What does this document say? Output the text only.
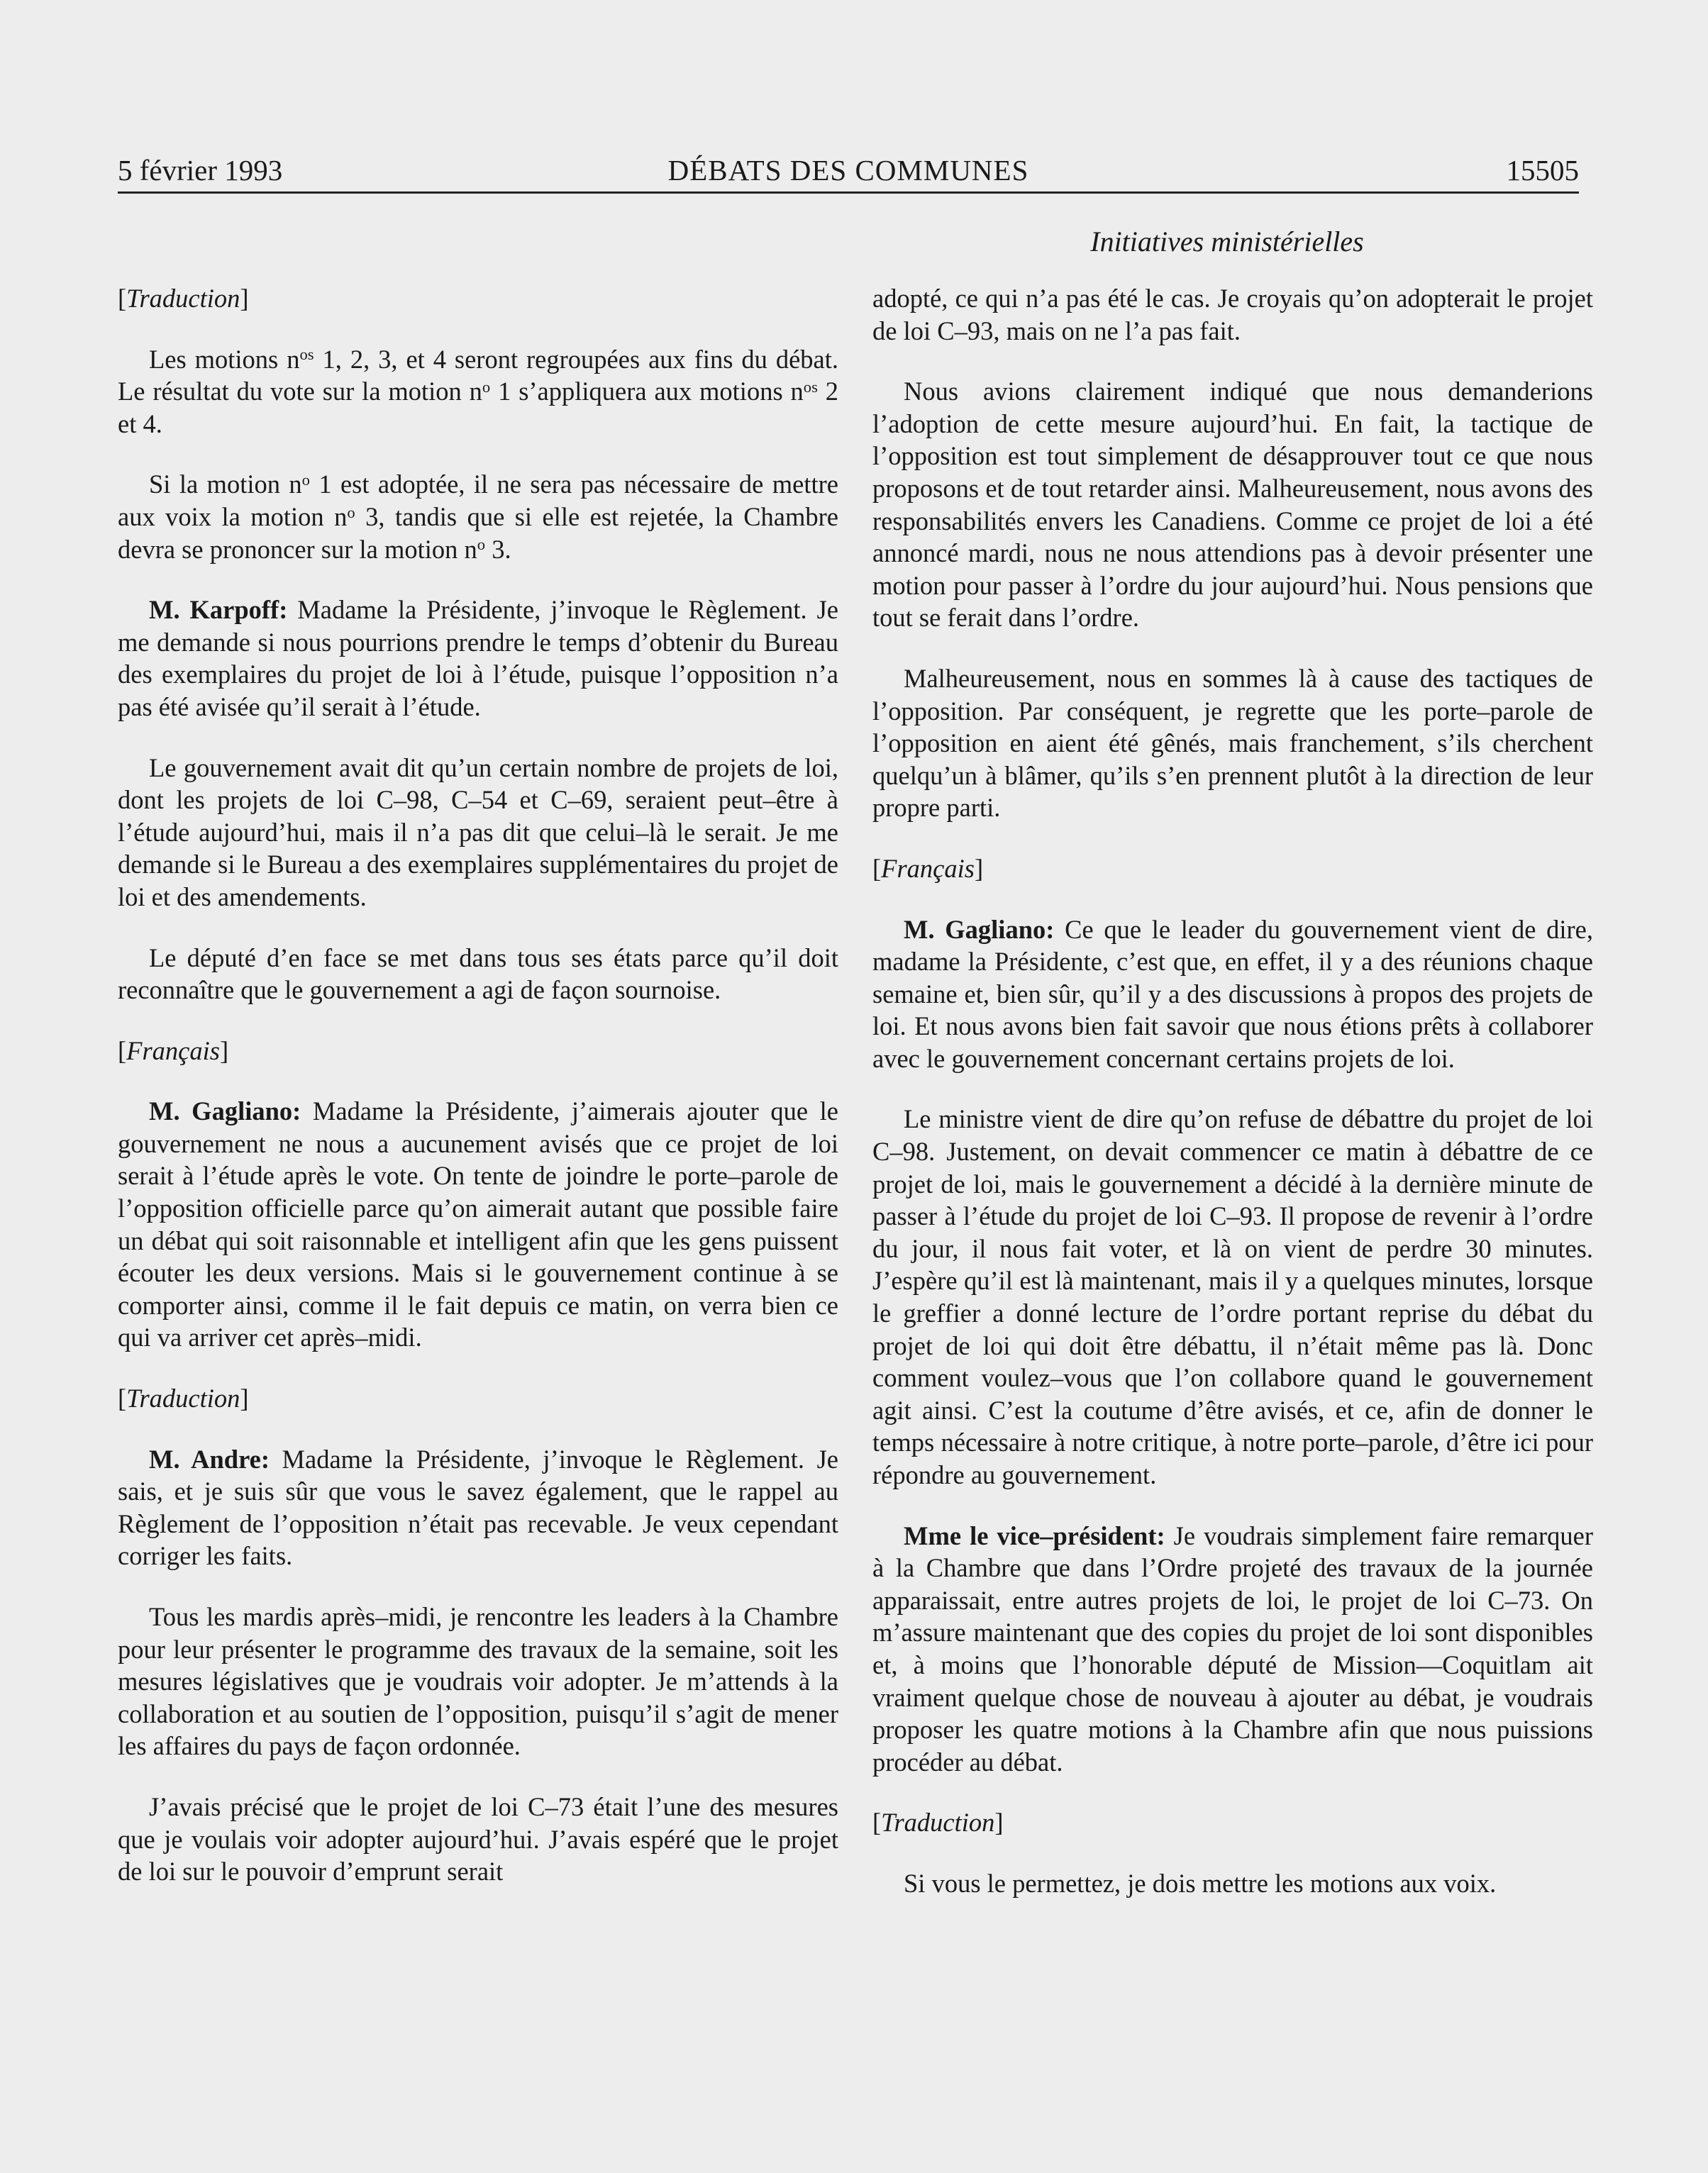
5 février 1993	DÉBATS DES COMMUNES	15505
Initiatives ministérielles

[Traduction]

Les motions $n^{os}$ 1, 2, 3, et 4 seront regroupées aux fins du débat. Le résultat du vote sur la motion $n^o$ 1 s’appliquera aux motions $n^{os}$ 2 et 4.

Si la motion $n^o$ 1 est adoptée, il ne sera pas nécessaire de mettre aux voix la motion $n^o$ 3, tandis que si elle est rejetée, la Chambre devra se prononcer sur la motion $n^o$ 3.

M. Karpoff: Madame la Présidente, j’invoque le Règlement. Je me demande si nous pourrions prendre le temps d’obtenir du Bureau des exemplaires du projet de loi à l’étude, puisque l’opposition n’a pas été avisée qu’il serait à l’étude.

Le gouvernement avait dit qu’un certain nombre de projets de loi, dont les projets de loi C–98, C–54 et C–69, seraient peut–être à l’étude aujourd’hui, mais il n’a pas dit que celui–là le serait. Je me demande si le Bureau a des exemplaires supplémentaires du projet de loi et des amendements.

Le député d’en face se met dans tous ses états parce qu’il doit reconnaître que le gouvernement a agi de façon sournoise.

[Français]

M. Gagliano: Madame la Présidente, j’aimerais ajouter que le gouvernement ne nous a aucunement avisés que ce projet de loi serait à l’étude après le vote. On tente de joindre le porte–parole de l’opposition officielle parce qu’on aimerait autant que possible faire un débat qui soit raisonnable et intelligent afin que les gens puissent écouter les deux versions. Mais si le gouvernement continue à se comporter ainsi, comme il le fait depuis ce matin, on verra bien ce qui va arriver cet après–midi.

[Traduction]

M. Andre: Madame la Présidente, j’invoque le Règlement. Je sais, et je suis sûr que vous le savez également, que le rappel au Règlement de l’opposition n’était pas recevable. Je veux cependant corriger les faits.

Tous les mardis après–midi, je rencontre les leaders à la Chambre pour leur présenter le programme des travaux de la semaine, soit les mesures législatives que je voudrais voir adopter. Je m’attends à la collaboration et au soutien de l’opposition, puisqu’il s’agit de mener les affaires du pays de façon ordonnée.

J’avais précisé que le projet de loi C–73 était l’une des mesures que je voulais voir adopter aujourd’hui. J’avais espéré que le projet de loi sur le pouvoir d’emprunt serait

adopté, ce qui n’a pas été le cas. Je croyais qu’on adopterait le projet de loi C–93, mais on ne l’a pas fait.

Nous avions clairement indiqué que nous demanderions l’adoption de cette mesure aujourd’hui. En fait, la tactique de l’opposition est tout simplement de désapprouver tout ce que nous proposons et de tout retarder ainsi. Malheureusement, nous avons des responsabilités envers les Canadiens. Comme ce projet de loi a été annoncé mardi, nous ne nous attendions pas à devoir présenter une motion pour passer à l’ordre du jour aujourd’hui. Nous pensions que tout se ferait dans l’ordre.

Malheureusement, nous en sommes là à cause des tactiques de l’opposition. Par conséquent, je regrette que les porte–parole de l’opposition en aient été gênés, mais franchement, s’ils cherchent quelqu’un à blâmer, qu’ils s’en prennent plutôt à la direction de leur propre parti.

[Français]

M. Gagliano: Ce que le leader du gouvernement vient de dire, madame la Présidente, c’est que, en effet, il y a des réunions chaque semaine et, bien sûr, qu’il y a des discussions à propos des projets de loi. Et nous avons bien fait savoir que nous étions prêts à collaborer avec le gouvernement concernant certains projets de loi.

Le ministre vient de dire qu’on refuse de débattre du projet de loi C–98. Justement, on devait commencer ce matin à débattre de ce projet de loi, mais le gouvernement a décidé à la dernière minute de passer à l’étude du projet de loi C–93. Il propose de revenir à l’ordre du jour, il nous fait voter, et là on vient de perdre 30 minutes. J’espère qu’il est là maintenant, mais il y a quelques minutes, lorsque le greffier a donné lecture de l’ordre portant reprise du débat du projet de loi qui doit être débattu, il n’était même pas là. Donc comment voulez–vous que l’on collabore quand le gouvernement agit ainsi. C’est la coutume d’être avisés, et ce, afin de donner le temps nécessaire à notre critique, à notre porte–parole, d’être ici pour répondre au gouvernement.

Mme le vice–président: Je voudrais simplement faire remarquer à la Chambre que dans l’Ordre projeté des travaux de la journée apparaissait, entre autres projets de loi, le projet de loi C–73. On m’assure maintenant que des copies du projet de loi sont disponibles et, à moins que l’honorable député de Mission—Coquitlam ait vraiment quelque chose de nouveau à ajouter au débat, je voudrais proposer les quatre motions à la Chambre afin que nous puissions procéder au débat.

[Traduction]

Si vous le permettez, je dois mettre les motions aux voix.
